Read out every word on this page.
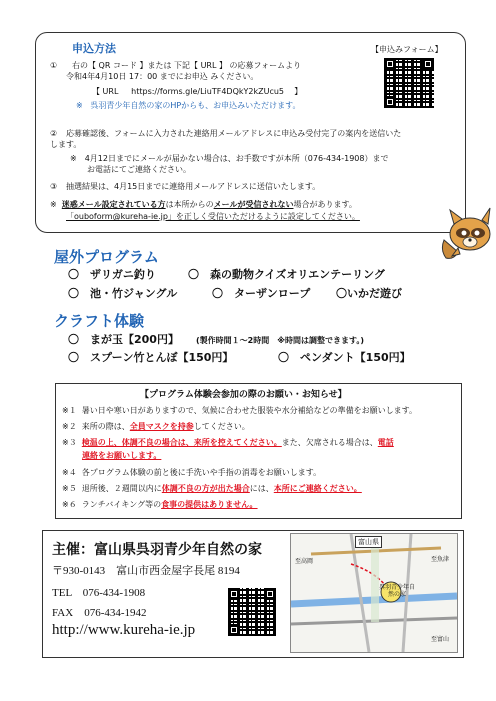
申込方法	【申込みフォーム】
① 右の【 QR コード 】または 下記【 URL 】 の応募フォームより
令和4年4月10日 17：00 までにお申込 みください。
【 URL https://forms.gle/LiuTF4DQkY2kZUcu5 】
※ 呉羽青少年自然の家のHPからも、お申込みいただけます。
② 応募確認後、フォームに入力された連絡用メールアドレスに申込み受付完了の案内を送信いた
します。
※　4月12日までにメールが届かない場合は、お手数ですが本所（076-434-1908）まで
お電話にてご連絡ください。
③ 抽選結果は、4月15日までに連絡用メールアドレスに送信いたします。
※ 迷惑メール設定されている方は本所からのメールが受信されない場合があります。
「ouboform@kureha-ie.jp」を正しく受信いただけるように設定してください。
屋外プログラム
〇　ザリガニ釣り	〇　森の動物クイズオリエンテーリング
〇　池・竹ジャングル	〇　ターザンロープ 〇いかだ遊び
クラフト体験
〇　まが玉【200円】 (製作時間１〜2時間　※時間は調整できます。)
〇　スプーン竹とんぼ【150円】	〇　ペンダント【150円】
【プログラム体験会参加の際のお願い・お知らせ】
※１ 暑い日や寒い日がありますので、気候に合わせた服装や水分補給などの準備をお願いします。
※２ 来所の際は、全員マスクを持参してください。
※３ 検温の上、体調不良の場合は、来所を控えてください。また、欠席される場合は、電話
連絡をお願いします。
※４ 各プログラム体験の前と後に手洗いや手指の消毒をお願いします。
※５ 退所後、２週間以内に体調不良の方が出た場合には、本所にご連絡ください。
※６ ランチバイキング等の食事の提供はありません。
主催：富山県呉羽青少年自然の家
〒930-0143　富山市西金屋字長尾 8194
TEL　076-434-1908
FAX　076-434-1942
http://www.kureha-ie.jp
富山県
呉羽青少年自然の家
至高岡	至魚津
至富山
